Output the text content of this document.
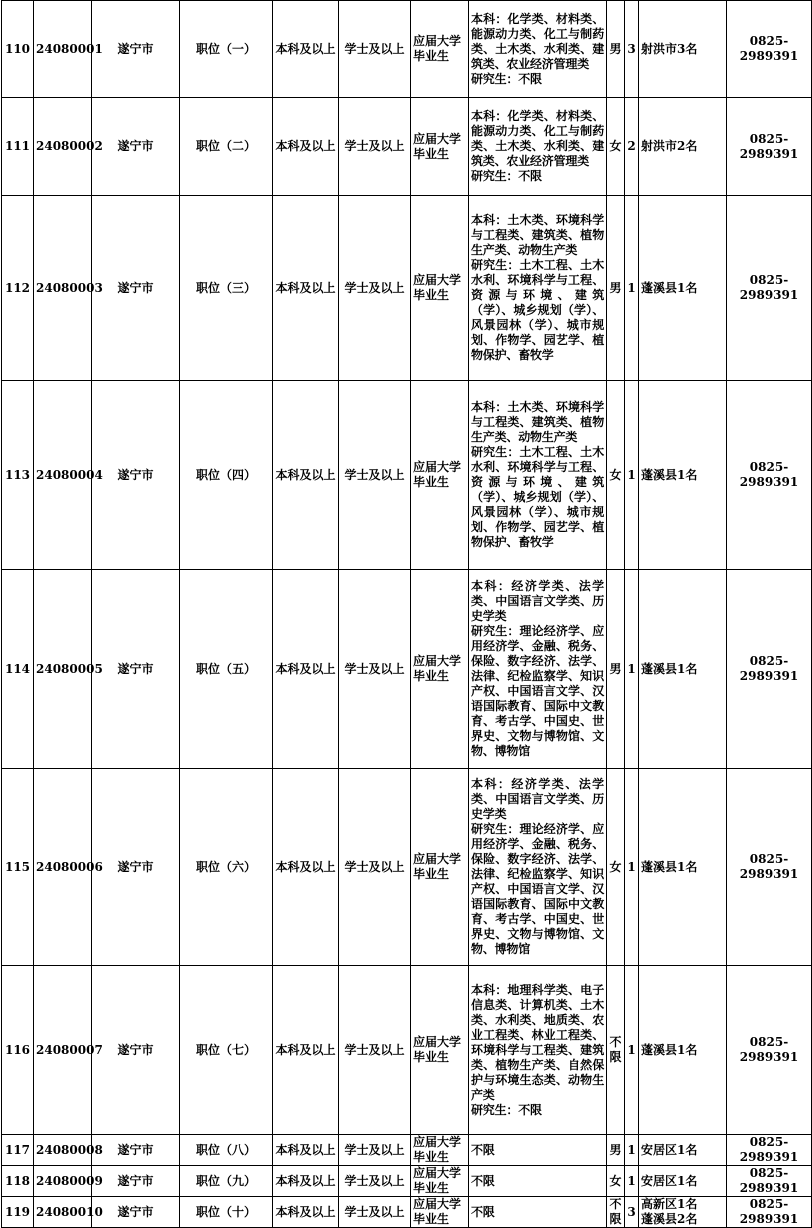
110	24080001	遂宁市	职位（一）	本科及以上	学士及以上	应届大学毕业生	本科：化学类、材料类、能源动力类、化工与制药类、土木类、水利类、建筑类、农业经济管理类
研究生：不限	男	3	射洪市3名	0825-2989391
111	24080002	遂宁市	职位（二）	本科及以上	学士及以上	应届大学毕业生	本科：化学类、材料类、能源动力类、化工与制药类、土木类、水利类、建筑类、农业经济管理类
研究生：不限	女	2	射洪市2名	0825-2989391
112	24080003	遂宁市	职位（三）	本科及以上	学士及以上	应届大学毕业生	本科：土木类、环境科学与工程类、建筑类、植物生产类、动物生产类
研究生：土木工程、土木水利、环境科学与工程、资源与环境、建筑（学）、城乡规划（学）、风景园林（学）、城市规划、作物学、园艺学、植物保护、畜牧学	男	1	蓬溪县1名	0825-2989391
113	24080004	遂宁市	职位（四）	本科及以上	学士及以上	应届大学毕业生	本科：土木类、环境科学与工程类、建筑类、植物生产类、动物生产类
研究生：土木工程、土木水利、环境科学与工程、资源与环境、建筑（学）、城乡规划（学）、风景园林（学）、城市规划、作物学、园艺学、植物保护、畜牧学	女	1	蓬溪县1名	0825-2989391
114	24080005	遂宁市	职位（五）	本科及以上	学士及以上	应届大学毕业生	本科：经济学类、法学类、中国语言文学类、历史学类
研究生：理论经济学、应用经济学、金融、税务、保险、数字经济、法学、法律、纪检监察学、知识产权、中国语言文学、汉语国际教育、国际中文教育、考古学、中国史、世界史、文物与博物馆、文物、博物馆	男	1	蓬溪县1名	0825-2989391
115	24080006	遂宁市	职位（六）	本科及以上	学士及以上	应届大学毕业生	本科：经济学类、法学类、中国语言文学类、历史学类
研究生：理论经济学、应用经济学、金融、税务、保险、数字经济、法学、法律、纪检监察学、知识产权、中国语言文学、汉语国际教育、国际中文教育、考古学、中国史、世界史、文物与博物馆、文物、博物馆	女	1	蓬溪县1名	0825-2989391
116	24080007	遂宁市	职位（七）	本科及以上	学士及以上	应届大学毕业生	本科：地理科学类、电子信息类、计算机类、土木类、水利类、地质类、农业工程类、林业工程类、环境科学与工程类、建筑类、植物生产类、自然保护与环境生态类、动物生产类
研究生：不限	不限	1	蓬溪县1名	0825-2989391
117	24080008	遂宁市	职位（八）	本科及以上	学士及以上	应届大学毕业生	不限	男	1	安居区1名	0825-2989391
118	24080009	遂宁市	职位（九）	本科及以上	学士及以上	应届大学毕业生	不限	女	1	安居区1名	0825-2989391
119	24080010	遂宁市	职位（十）	本科及以上	学士及以上	应届大学毕业生	不限	不限	3	高新区1名
蓬溪县2名	0825-2989391
